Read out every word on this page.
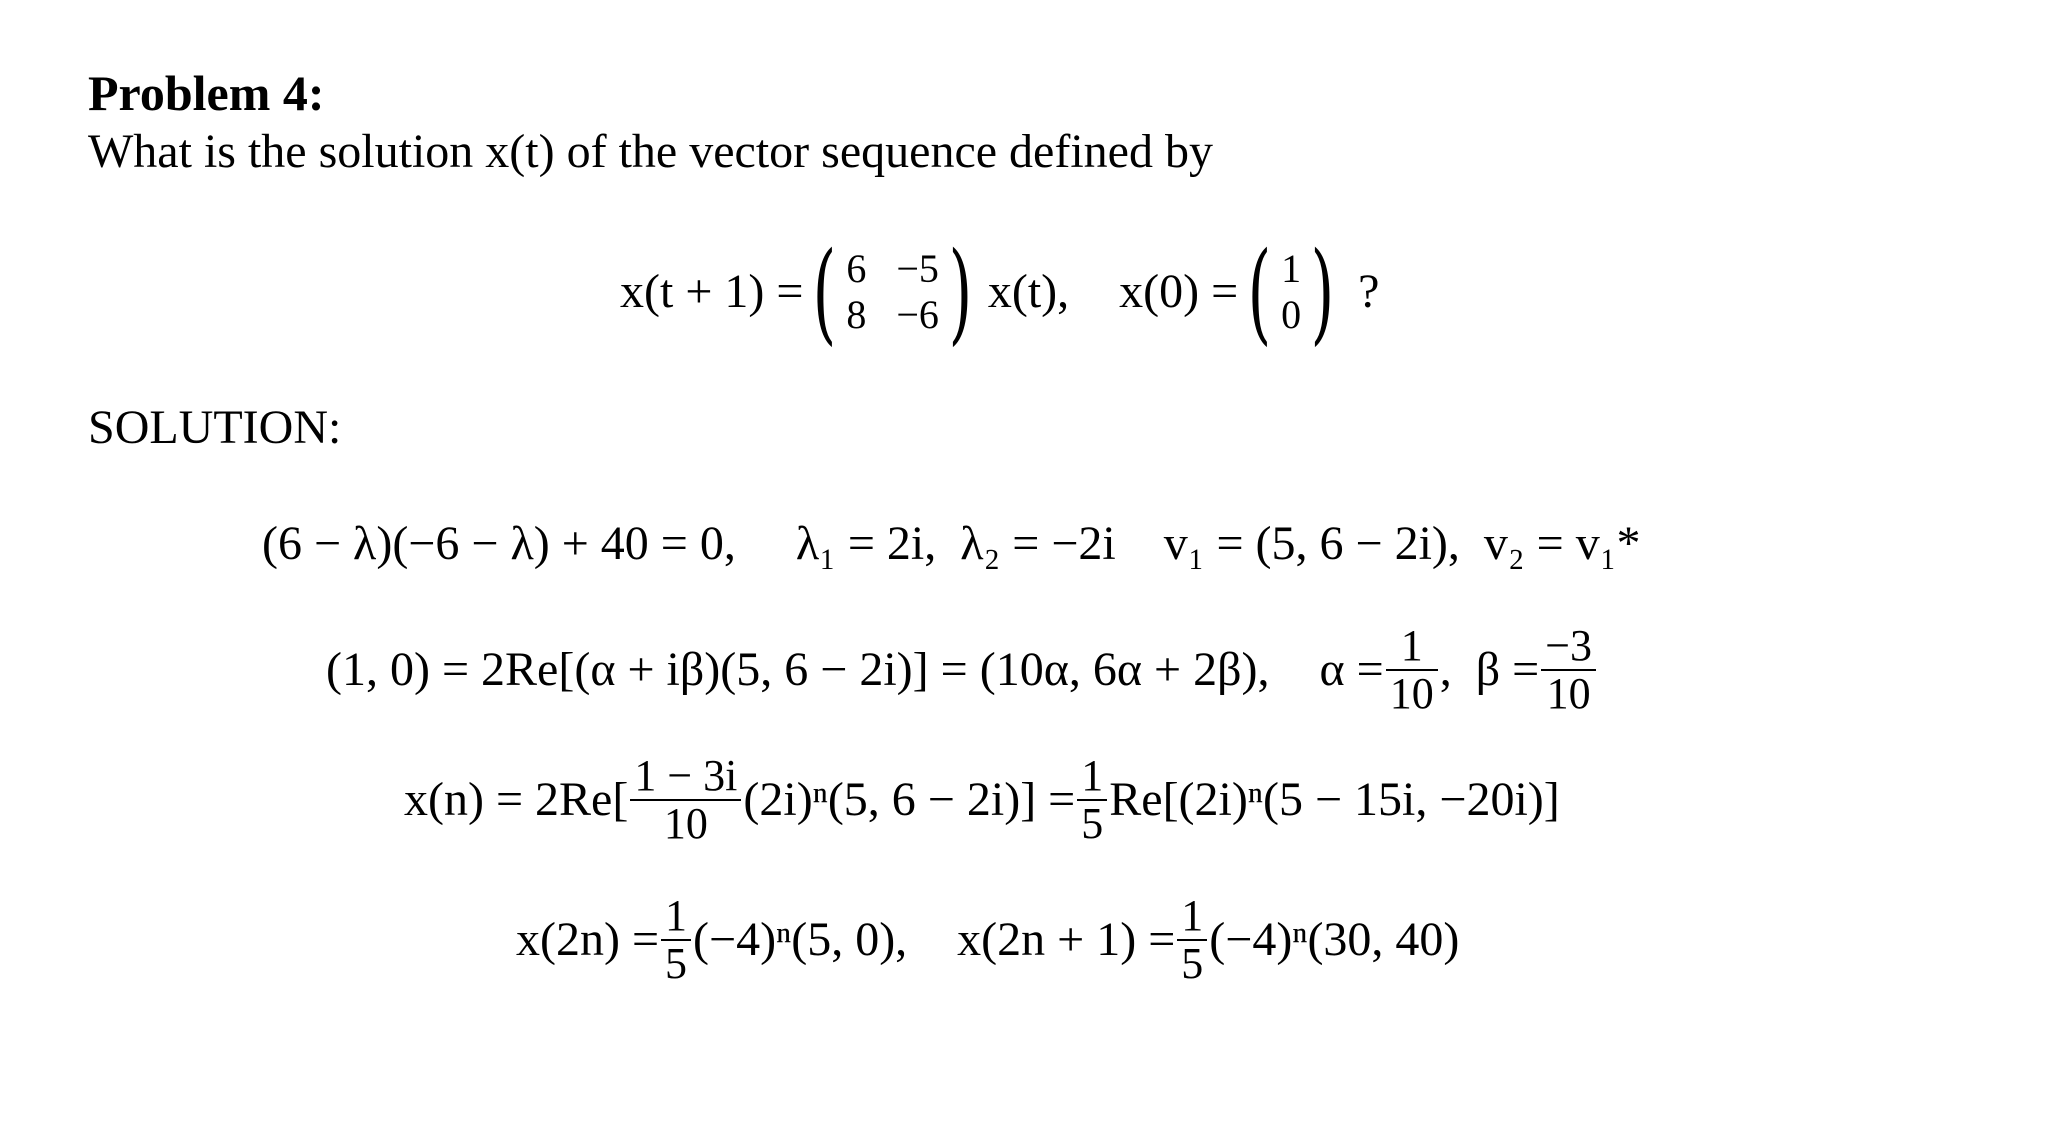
Problem 4:
What is the solution x(t) of the vector sequence defined by
x(t + 1) = ( 6 −5
8 −6 ) x(t), x(0) = ( 1
0 ) ?
SOLUTION:
(6 − λ)(−6 − λ) + 40 = 0,     λ₁ = 2i,  λ₂ = −2i    v₁ = (5, 6 − 2i),  v₂ = v₁*
(1, 0) = 2Re[(α + iβ)(5, 6 − 2i)] = (10α, 6α + 2β), $\alpha = \frac{1}{10}$ , $\beta = \frac{-3}{10}$
$x(n) = 2Re[ \frac{1 - 3i}{10} (2i)^n(5$, $6 - 2i)] = \frac{1}{5} Re[(2i)^n(5 - 15i$, −20i)]
$x(2n) = \frac{1}{5} (-4)^n(5$, 0), $x(2n + 1) = \frac{1}{5} (-4)^n(30$, 40)
